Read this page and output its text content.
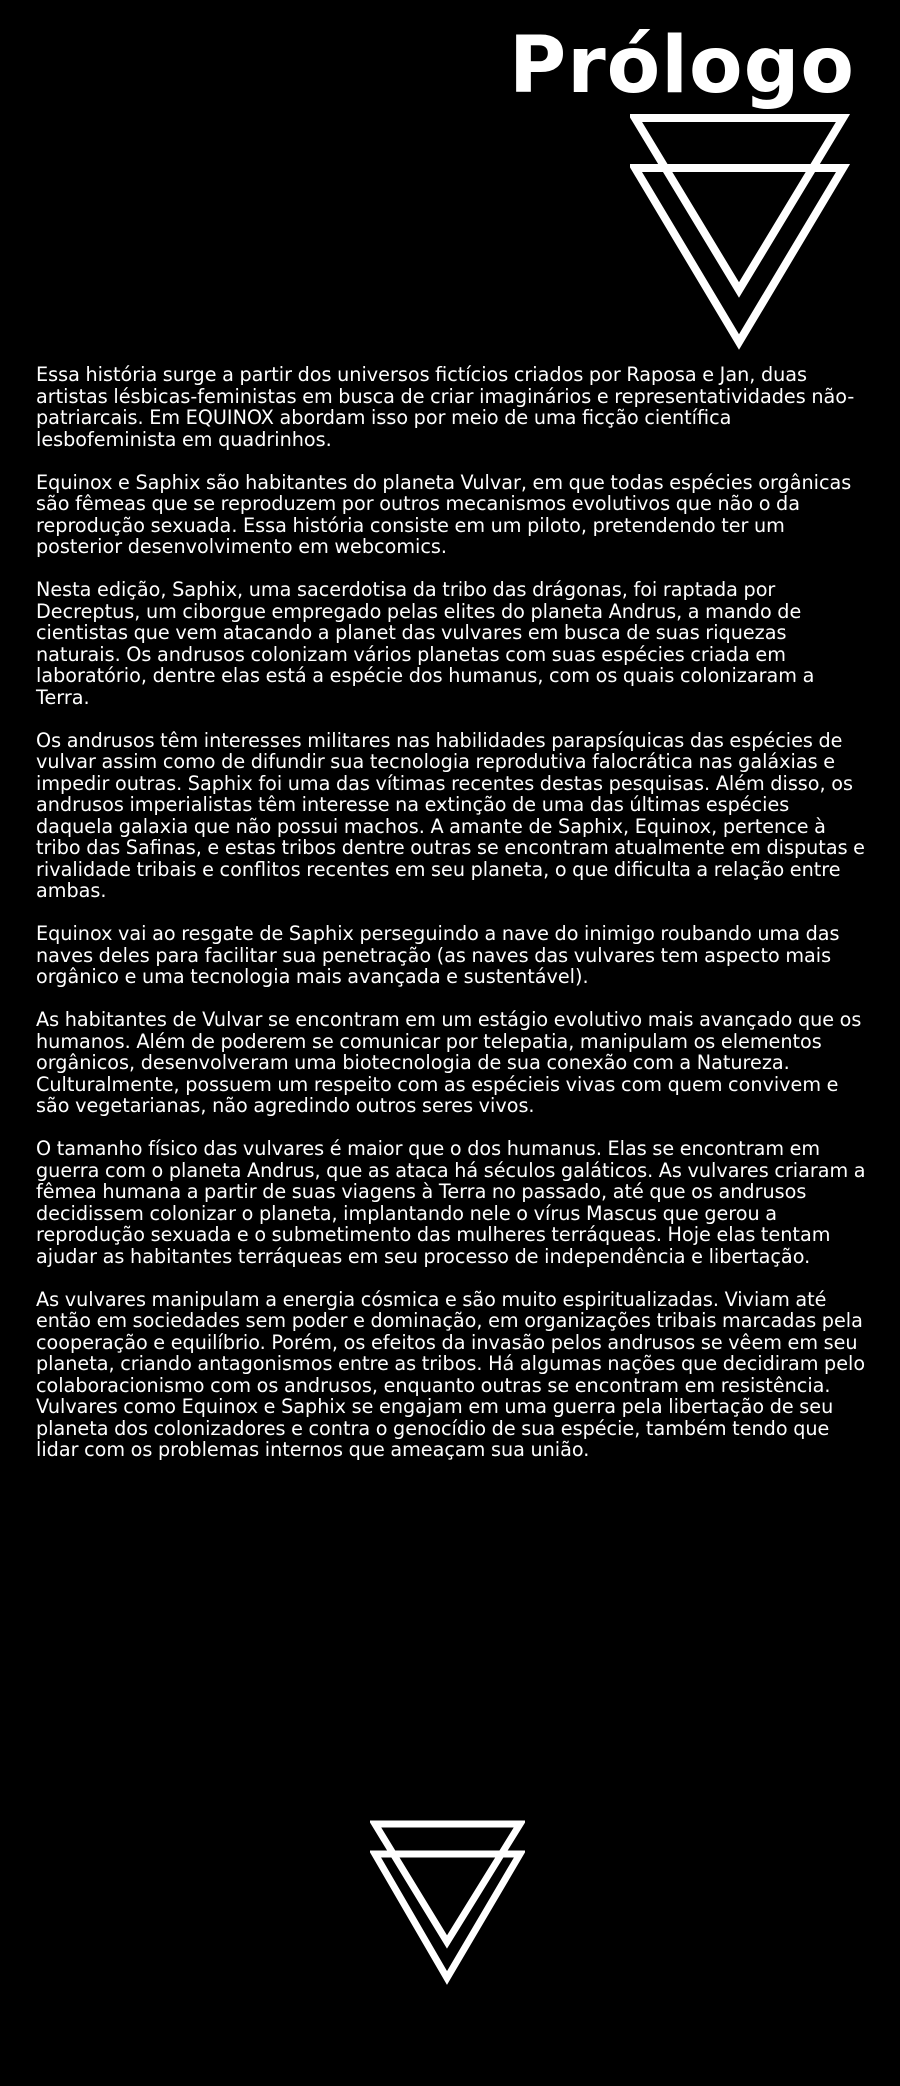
Prólogo

Essa história surge a partir dos universos fictícios criados por Raposa e Jan, duas artistas lésbicas-feministas em busca de criar imaginários e representatividades não-patriarcais. Em EQUINOX abordam isso por meio de uma ficção científica lesbofeminista em quadrinhos.

Equinox e Saphix são habitantes do planeta Vulvar, em que todas espécies orgânicas são fêmeas que se reproduzem por outros mecanismos evolutivos que não o da reprodução sexuada. Essa história consiste em um piloto, pretendendo ter um posterior desenvolvimento em webcomics.

Nesta edição, Saphix, uma sacerdotisa da tribo das drágonas, foi raptada por Decreptus, um ciborgue empregado pelas elites do planeta Andrus, a mando de cientistas que vem atacando a planet das vulvares em busca de suas riquezas naturais. Os andrusos colonizam vários planetas com suas espécies criada em laboratório, dentre elas está a espécie dos humanus, com os quais colonizaram a Terra.

Os andrusos têm interesses militares nas habilidades parapsíquicas das espécies de vulvar assim como de difundir sua tecnologia reprodutiva falocrática nas galáxias e impedir outras. Saphix foi uma das vítimas recentes destas pesquisas. Além disso, os andrusos imperialistas têm interesse na extinção de uma das últimas espécies daquela galaxia que não possui machos. A amante de Saphix, Equinox, pertence à tribo das Safinas, e estas tribos dentre outras se encontram atualmente em disputas e rivalidade tribais e conflitos recentes em seu planeta, o que dificulta a relação entre ambas.

Equinox vai ao resgate de Saphix perseguindo a nave do inimigo roubando uma das naves deles para facilitar sua penetração (as naves das vulvares tem aspecto mais orgânico e uma tecnologia mais avançada e sustentável).

As habitantes de Vulvar se encontram em um estágio evolutivo mais avançado que os humanos. Além de poderem se comunicar por telepatia, manipulam os elementos orgânicos, desenvolveram uma biotecnologia de sua conexão com a Natureza. Culturalmente, possuem um respeito com as espécieis vivas com quem convivem e são vegetarianas, não agredindo outros seres vivos.

O tamanho físico das vulvares é maior que o dos humanus. Elas se encontram em guerra com o planeta Andrus, que as ataca há séculos galáticos. As vulvares criaram a fêmea humana a partir de suas viagens à Terra no passado, até que os andrusos decidissem colonizar o planeta, implantando nele o vírus Mascus que gerou a reprodução sexuada e o submetimento das mulheres terráqueas. Hoje elas tentam ajudar as habitantes terráqueas em seu processo de independência e libertação.

As vulvares manipulam a energia cósmica e são muito espiritualizadas. Viviam até então em sociedades sem poder e dominação, em organizações tribais marcadas pela cooperação e equilíbrio. Porém, os efeitos da invasão pelos andrusos se vêem em seu planeta, criando antagonismos entre as tribos. Há algumas nações que decidiram pelo colaboracionismo com os andrusos, enquanto outras se encontram em resistência. Vulvares como Equinox e Saphix se engajam em uma guerra pela libertação de seu planeta dos colonizadores e contra o genocídio de sua espécie, também tendo que lidar com os problemas internos que ameaçam sua união.
